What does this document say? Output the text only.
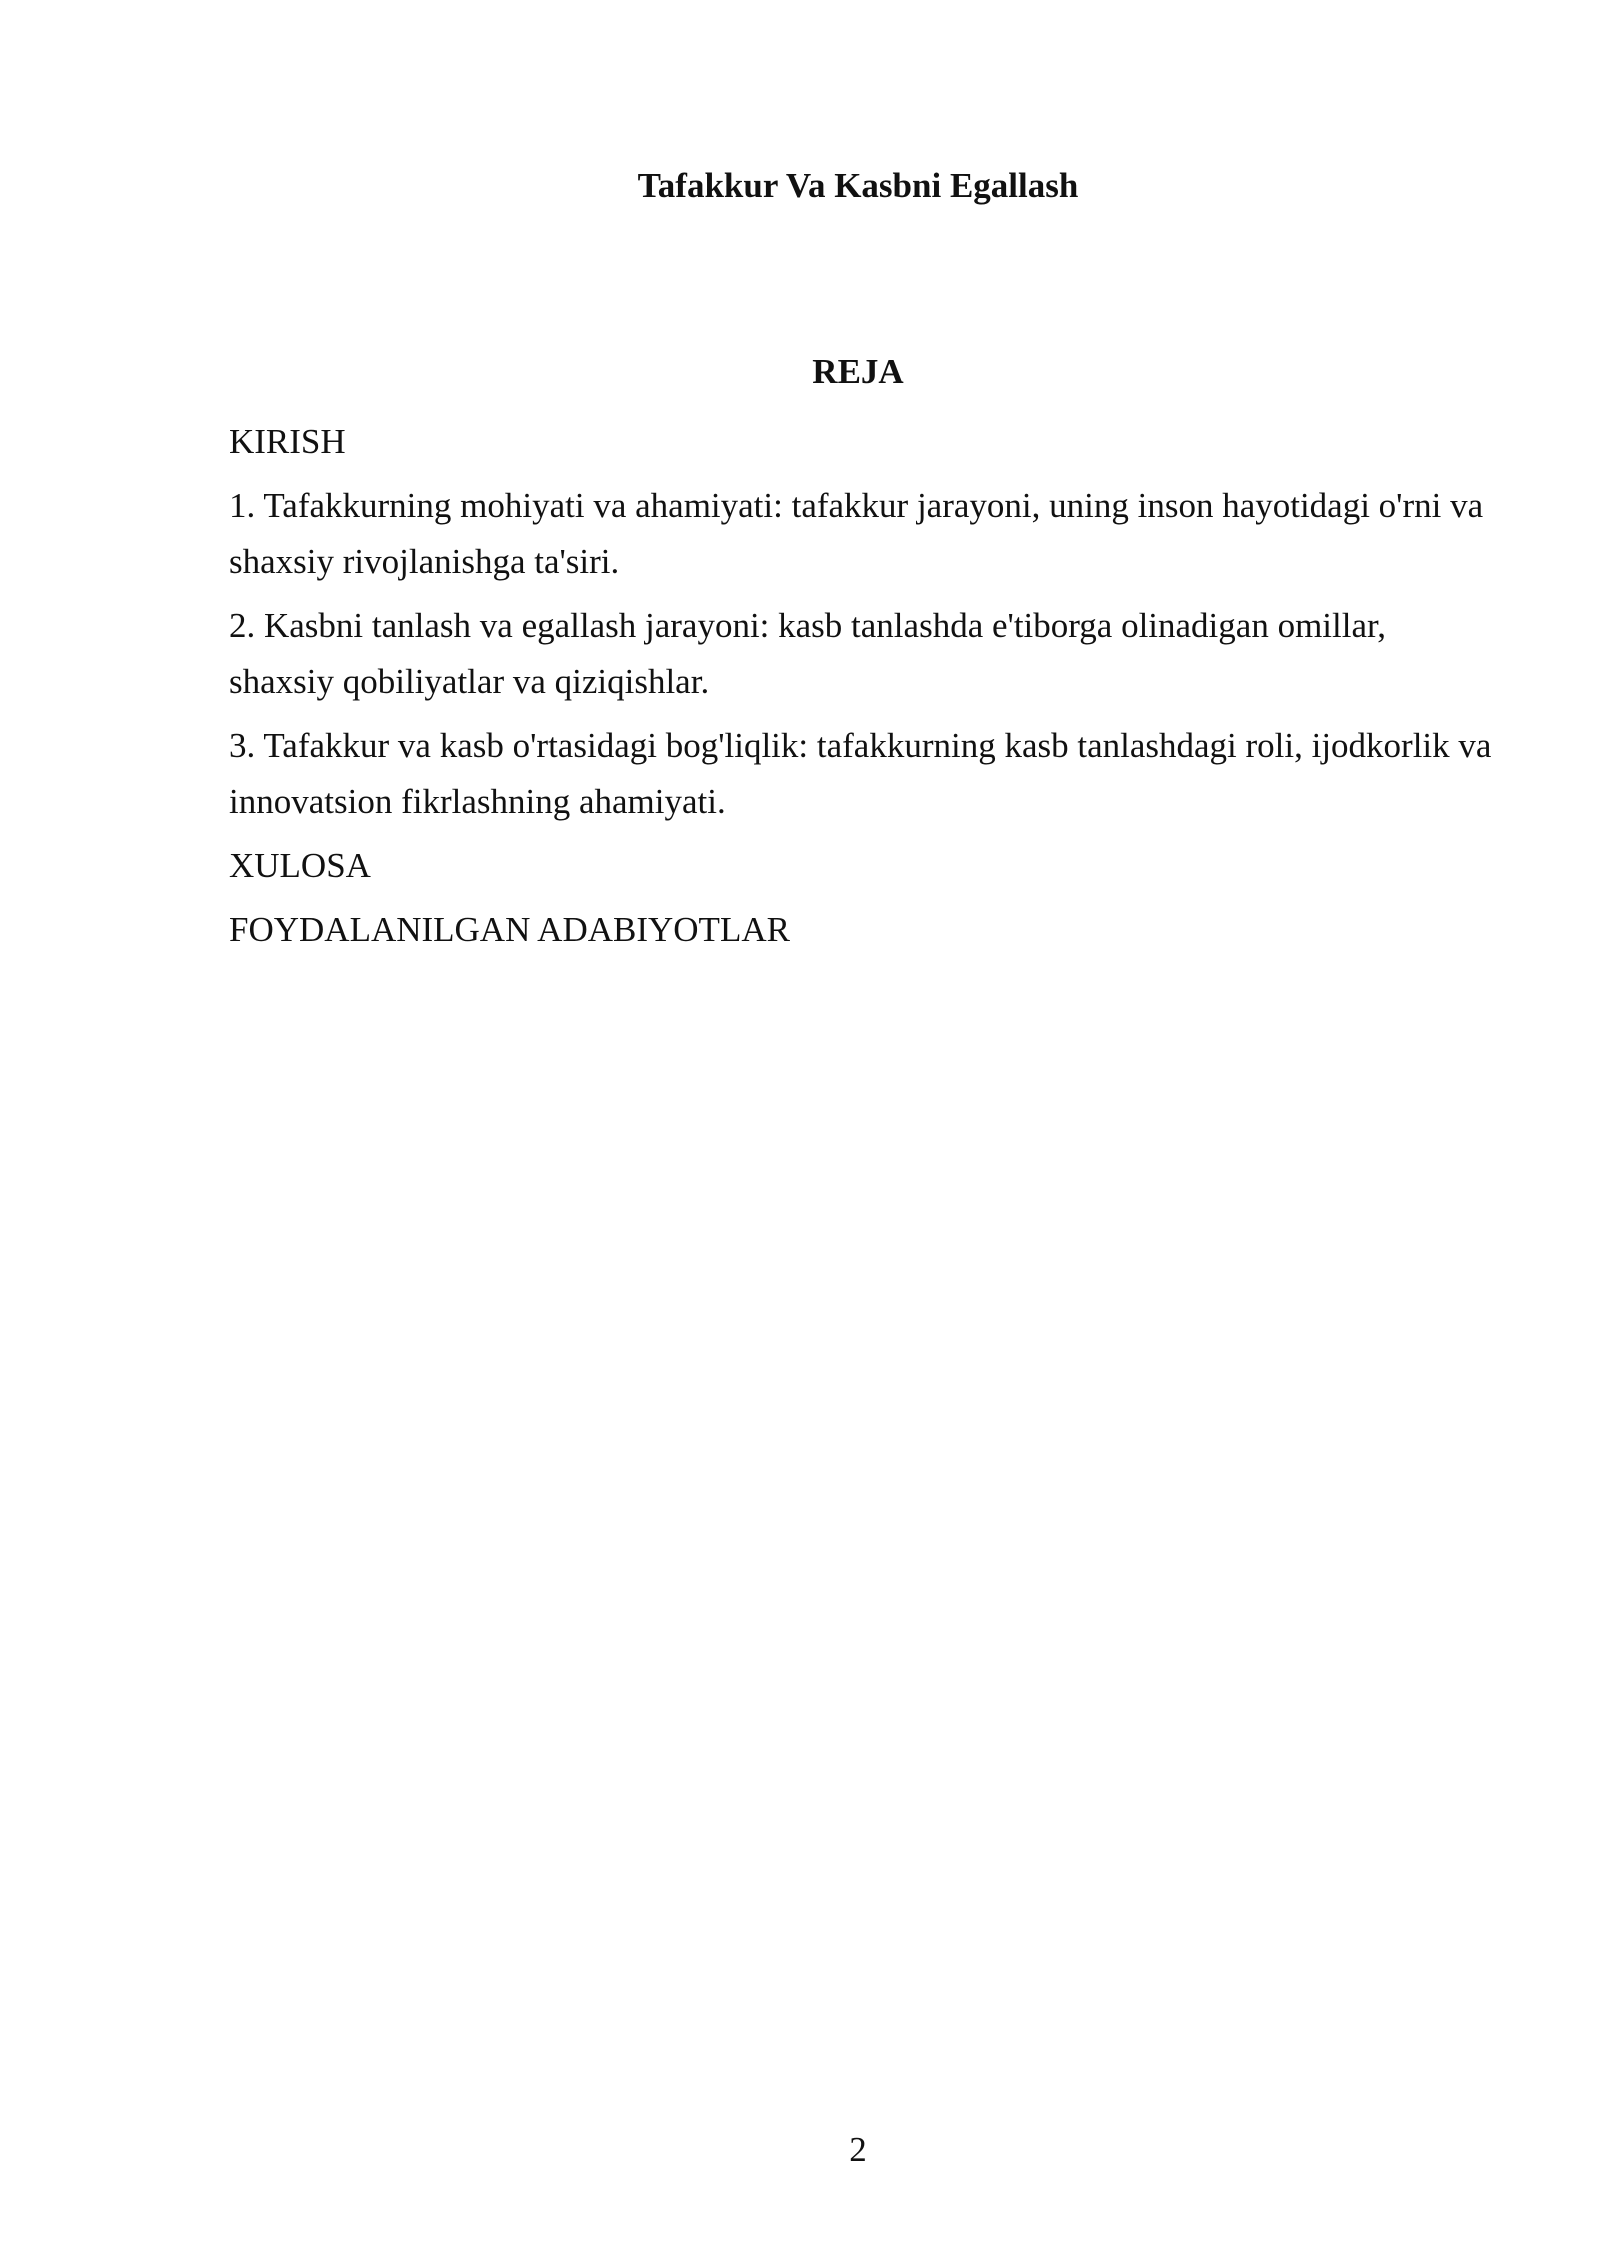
Tafakkur Va Kasbni Egallash
REJA

KIRISH

1. Tafakkurning mohiyati va ahamiyati: tafakkur jarayoni, uning inson hayotidagi o'rni va shaxsiy rivojlanishga ta'siri.

2. Kasbni tanlash va egallash jarayoni: kasb tanlashda e'tiborga olinadigan omillar, shaxsiy qobiliyatlar va qiziqishlar.

3. Tafakkur va kasb o'rtasidagi bog'liqlik: tafakkurning kasb tanlashdagi roli, ijodkorlik va innovatsion fikrlashning ahamiyati.

XULOSA

FOYDALANILGAN ADABIYOTLAR

2
